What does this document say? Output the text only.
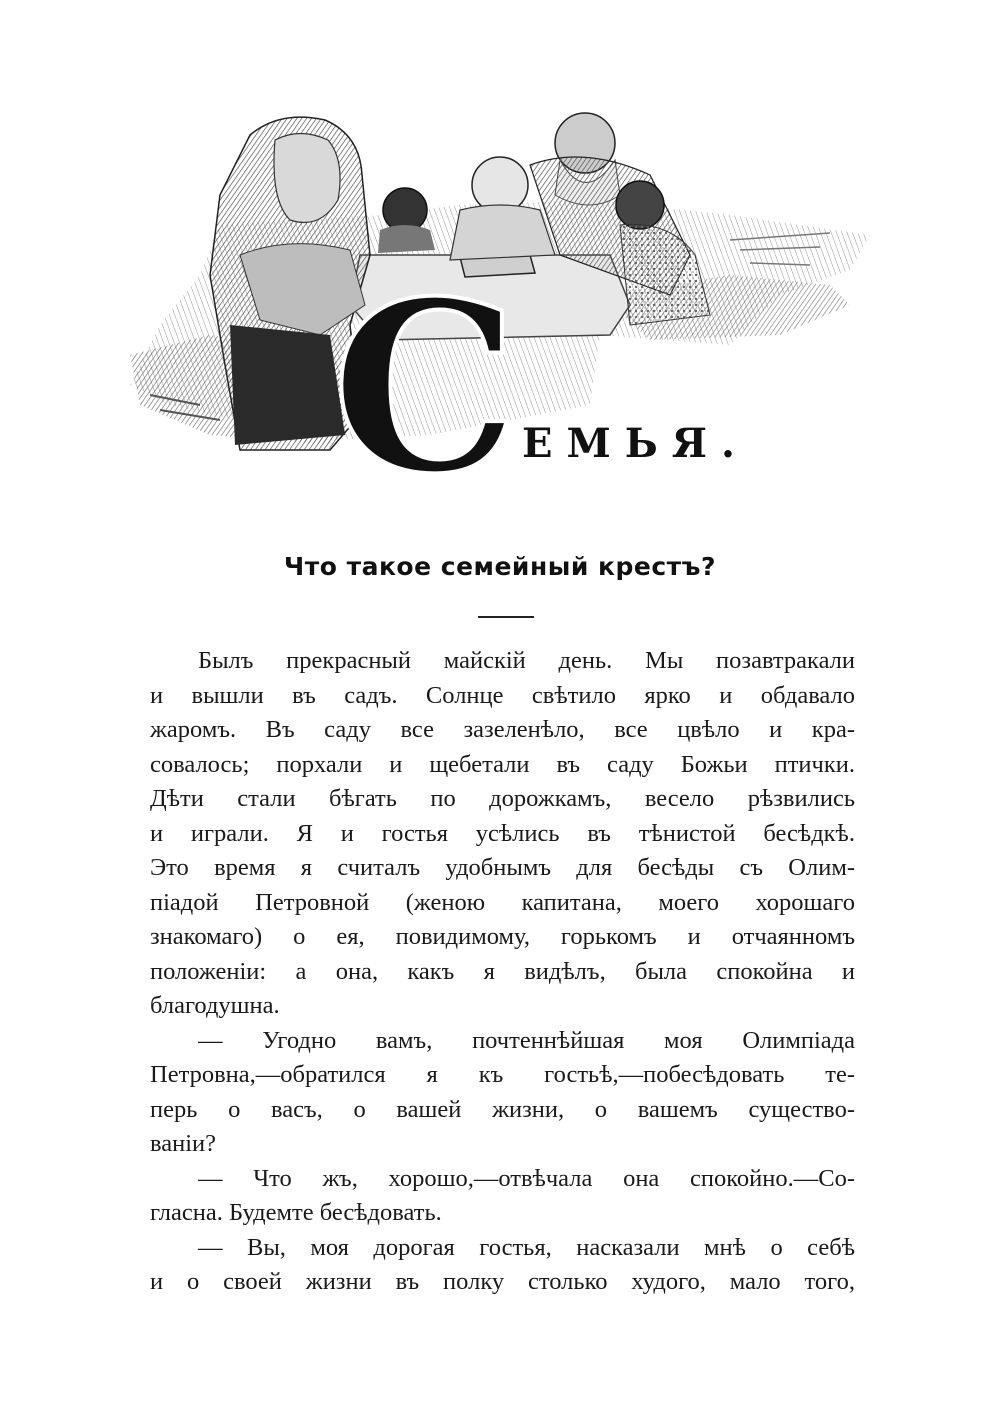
С ЕМЬЯ.
Что такое семейный крестъ?
Былъ прекрасный майскій день. Мы позавтракали
и вышли въ садъ. Солнце свѣтило ярко и обдавало
жаромъ. Въ саду все зазеленѣло, все цвѣло и кра-
совалось; порхали и щебетали въ саду Божьи птички.
Дѣти стали бѣгать по дорожкамъ, весело рѣзвились
и играли. Я и гостья усѣлись въ тѣнистой бесѣдкѣ.
Это время я считалъ удобнымъ для бесѣды съ Олим-
піадой Петровной (женою капитана, моего хорошаго
знакомаго) о ея, повидимому, горькомъ и отчаянномъ
положеніи: а она, какъ я видѣлъ, была спокойна и
благодушна.
— Угодно вамъ, почтеннѣйшая моя Олимпіада
Петровна,—обратился я къ гостьѣ,—побесѣдовать те-
перь о васъ, о вашей жизни, о вашемъ существо-
ваніи?
— Что жъ, хорошо,—отвѣчала она спокойно.—Со-
гласна. Будемте бесѣдовать.
— Вы, моя дорогая гостья, насказали мнѣ о себѣ
и о своей жизни въ полку столько худого, мало того,
